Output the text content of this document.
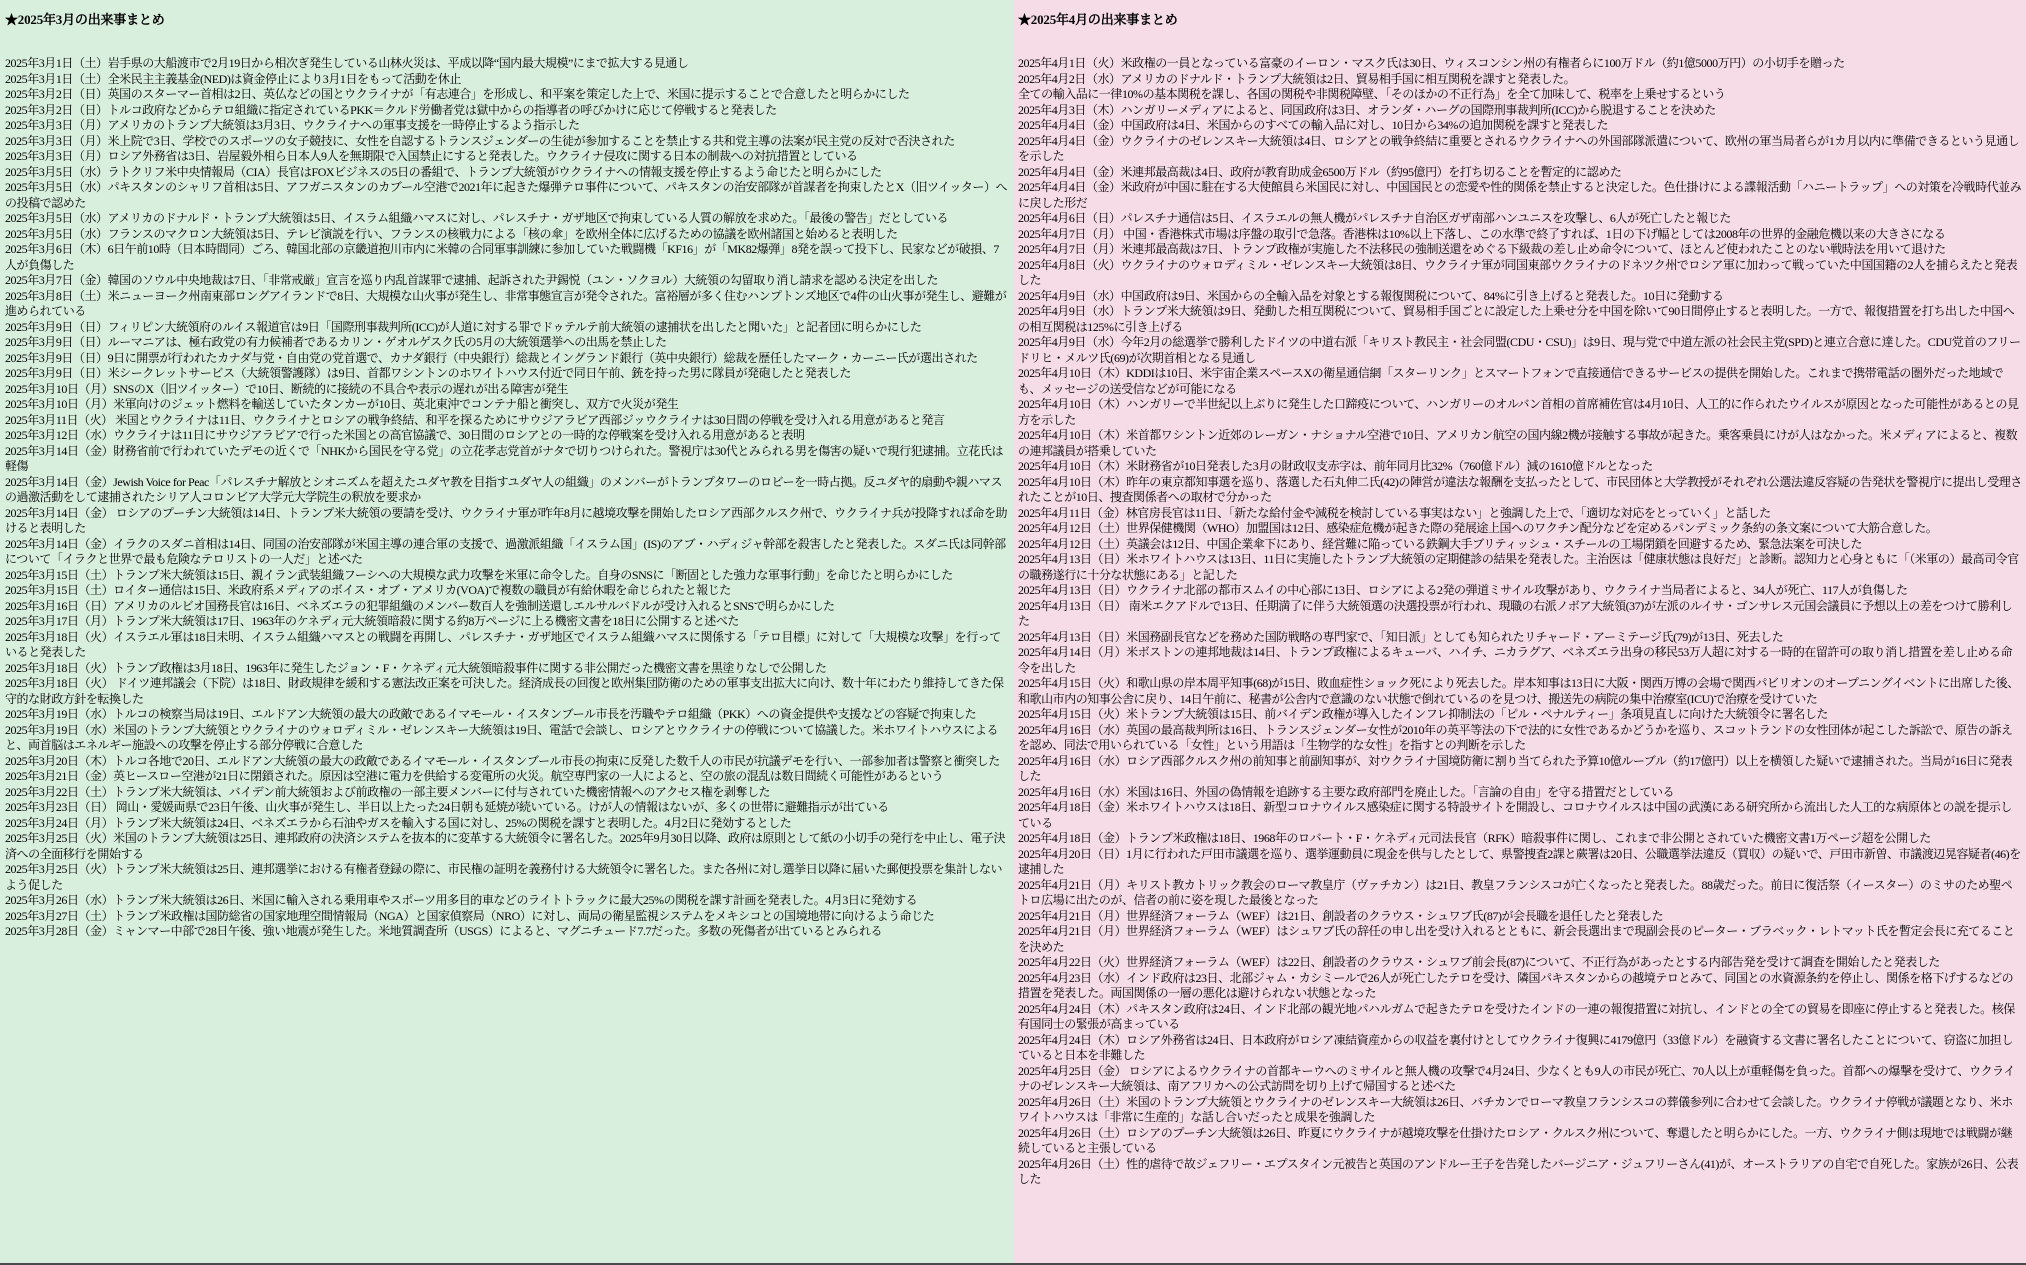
★2025年3月の出来事まとめ
2025年3月1日（土）岩手県の大船渡市で2月19日から相次ぎ発生している山林火災は、平成以降“国内最大規模”にまで拡大する見通し
2025年3月1日（土）全米民主主義基金(NED)は資金停止により3月1日をもって活動を休止
2025年3月2日（日）英国のスターマー首相は2日、英仏などの国とウクライナが「有志連合」を形成し、和平案を策定した上で、米国に提示することで合意したと明らかにした
2025年3月2日（日）トルコ政府などからテロ組織に指定されているPKK＝クルド労働者党は獄中からの指導者の呼びかけに応じて停戦すると発表した
2025年3月3日（月）アメリカのトランプ大統領は3月3日、ウクライナへの軍事支援を一時停止するよう指示した
2025年3月3日（月）米上院で3日、学校でのスポーツの女子競技に、女性を自認するトランスジェンダーの生徒が参加することを禁止する共和党主導の法案が民主党の反対で否決された
2025年3月3日（月）ロシア外務省は3日、岩屋毅外相ら日本人9人を無期限で入国禁止にすると発表した。ウクライナ侵攻に関する日本の制裁への対抗措置としている
2025年3月5日（水）ラトクリフ米中央情報局（CIA）長官はFOXビジネスの5日の番組で、トランプ大統領がウクライナへの情報支援を停止するよう命じたと明らかにした
2025年3月5日（水）パキスタンのシャリフ首相は5日、アフガニスタンのカブール空港で2021年に起きた爆弾テロ事件について、パキスタンの治安部隊が首謀者を拘束したとX（旧ツイッター）への投稿で認めた
2025年3月5日（水）アメリカのドナルド・トランプ大統領は5日、イスラム組織ハマスに対し、パレスチナ・ガザ地区で拘束している人質の解放を求めた。「最後の警告」だとしている
2025年3月5日（水）フランスのマクロン大統領は5日、テレビ演説を行い、フランスの核戦力による「核の傘」を欧州全体に広げるための協議を欧州諸国と始めると表明した
2025年3月6日（木）6日午前10時（日本時間同）ごろ、韓国北部の京畿道抱川市内に米韓の合同軍事訓練に参加していた戦闘機「KF16」が「MK82爆弾」8発を誤って投下し、民家などが破損、7人が負傷した
2025年3月7日（金）韓国のソウル中央地裁は7日、「非常戒厳」宣言を巡り内乱首謀罪で逮捕、起訴された尹錫悦（ユン・ソクヨル）大統領の勾留取り消し請求を認める決定を出した
2025年3月8日（土）米ニューヨーク州南東部ロングアイランドで8日、大規模な山火事が発生し、非常事態宣言が発令された。富裕層が多く住むハンプトンズ地区で4件の山火事が発生し、避難が進められている
2025年3月9日（日）フィリピン大統領府のルイス報道官は9日「国際刑事裁判所(ICC)が人道に対する罪でドゥテルテ前大統領の逮捕状を出したと聞いた」と記者団に明らかにした
2025年3月9日（日）ルーマニアは、極右政党の有力候補者であるカリン・ゲオルゲスク氏の5月の大統領選挙への出馬を禁止した
2025年3月9日（日）9日に開票が行われたカナダ与党・自由党の党首選で、カナダ銀行（中央銀行）総裁とイングランド銀行（英中央銀行）総裁を歴任したマーク・カーニー氏が選出された
2025年3月9日（日）米シークレットサービス（大統領警護隊）は9日、首都ワシントンのホワイトハウス付近で同日午前、銃を持った男に隊員が発砲したと発表した
2025年3月10日（月）SNSのX（旧ツイッター）で10日、断続的に接続の不具合や表示の遅れが出る障害が発生
2025年3月10日（月）米軍向けのジェット燃料を輸送していたタンカーが10日、英北東沖でコンテナ船と衝突し、双方で火災が発生
2025年3月11日（火） 米国とウクライナは11日、ウクライナとロシアの戦争終結、和平を探るためにサウジアラビア西部ジッウクライナは30日間の停戦を受け入れる用意があると発言
2025年3月12日（水）ウクライナは11日にサウジアラビアで行った米国との高官協議で、30日間のロシアとの一時的な停戦案を受け入れる用意があると表明
2025年3月14日（金）財務省前で行われていたデモの近くで「NHKから国民を守る党」の立花孝志党首がナタで切りつけられた。警視庁は30代とみられる男を傷害の疑いで現行犯逮捕。立花氏は軽傷
2025年3月14日（金）Jewish Voice for Peac「パレスチナ解放とシオニズムを超えたユダヤ教を目指すユダヤ人の組織」のメンバーがトランプタワーのロビーを一時占拠。反ユダヤ的扇動や親ハマスの過激活動をして逮捕されたシリア人コロンビア大学元大学院生の釈放を要求か
2025年3月14日（金） ロシアのプーチン大統領は14日、トランプ米大統領の要請を受け、ウクライナ軍が昨年8月に越境攻撃を開始したロシア西部クルスク州で、ウクライナ兵が投降すれば命を助けると表明した
2025年3月14日（金）イラクのスダニ首相は14日、同国の治安部隊が米国主導の連合軍の支援で、過激派組織「イスラム国」(IS)のアブ・ハディジャ幹部を殺害したと発表した。スダニ氏は同幹部について「イラクと世界で最も危険なテロリストの一人だ」と述べた
2025年3月15日（土）トランプ米大統領は15日、親イラン武装組織フーシへの大規模な武力攻撃を米軍に命令した。自身のSNSに「断固とした強力な軍事行動」を命じたと明らかにした
2025年3月15日（土）ロイター通信は15日、米政府系メディアのボイス・オブ・アメリカ(VOA)で複数の職員が有給休暇を命じられたと報じた
2025年3月16日（日）アメリカのルビオ国務長官は16日、ベネズエラの犯罪組織のメンバー数百人を強制送還しエルサルバドルが受け入れるとSNSで明らかにした
2025年3月17日（月）トランプ米大統領は17日、1963年のケネディ元大統領暗殺に関する約8万ページに上る機密文書を18日に公開すると述べた
2025年3月18日（火）イスラエル軍は18日未明、イスラム組織ハマスとの戦闘を再開し、パレスチナ・ガザ地区でイスラム組織ハマスに関係する「テロ目標」に対して「大規模な攻撃」を行っていると発表した
2025年3月18日（火）トランプ政権は3月18日、1963年に発生したジョン・F・ケネディ元大統領暗殺事件に関する非公開だった機密文書を黒塗りなしで公開した
2025年3月18日（火） ドイツ連邦議会（下院）は18日、財政規律を緩和する憲法改正案を可決した。経済成長の回復と欧州集団防衛のための軍事支出拡大に向け、数十年にわたり維持してきた保守的な財政方針を転換した
2025年3月19日（水）トルコの検察当局は19日、エルドアン大統領の最大の政敵であるイマモール・イスタンブール市長を汚職やテロ組織（PKK）への資金提供や支援などの容疑で拘束した
2025年3月19日（水）米国のトランプ大統領とウクライナのウォロディミル・ゼレンスキー大統領は19日、電話で会談し、ロシアとウクライナの停戦について協議した。米ホワイトハウスによると、両首脳はエネルギー施設への攻撃を停止する部分停戦に合意した
2025年3月20日（木）トルコ各地で20日、エルドアン大統領の最大の政敵であるイマモール・イスタンブール市長の拘束に反発した数千人の市民が抗議デモを行い、一部参加者は警察と衝突した
2025年3月21日（金）英ヒースロー空港が21日に閉鎖された。原因は空港に電力を供給する変電所の火災。航空専門家の一人によると、空の旅の混乱は数日間続く可能性があるという
2025年3月22日（土）トランプ米大統領は、バイデン前大統領および前政権の一部主要メンバーに付与されていた機密情報へのアクセス権を剥奪した
2025年3月23日（日） 岡山・愛媛両県で23日午後、山火事が発生し、半日以上たった24日朝も延焼が続いている。けが人の情報はないが、多くの世帯に避難指示が出ている
2025年3月24日（月）トランプ米大統領は24日、ベネズエラから石油やガスを輸入する国に対し、25%の関税を課すと表明した。4月2日に発効するとした
2025年3月25日（火）米国のトランプ大統領は25日、連邦政府の決済システムを抜本的に変革する大統領令に署名した。2025年9月30日以降、政府は原則として紙の小切手の発行を中止し、電子決済への全面移行を開始する
2025年3月25日（火）トランプ米大統領は25日、連邦選挙における有権者登録の際に、市民権の証明を義務付ける大統領令に署名した。また各州に対し選挙日以降に届いた郵便投票を集計しないよう促した
2025年3月26日（水）トランプ米大統領は26日、米国に輸入される乗用車やスポーツ用多目的車などのライトトラックに最大25%の関税を課す計画を発表した。4月3日に発効する
2025年3月27日（土）トランプ米政権は国防総省の国家地理空間情報局（NGA）と国家偵察局（NRO）に対し、両局の衛星監視システムをメキシコとの国境地帯に向けるよう命じた
2025年3月28日（金）ミャンマー中部で28日午後、強い地震が発生した。米地質調査所（USGS）によると、マグニチュード7.7だった。多数の死傷者が出ているとみられる
★2025年4月の出来事まとめ
2025年4月1日（火）米政権の一員となっている富豪のイーロン・マスク氏は30日、ウィスコンシン州の有権者らに100万ドル（約1億5000万円）の小切手を贈った
2025年4月2日（水）アメリカのドナルド・トランプ大統領は2日、貿易相手国に相互関税を課すと発表した。
全ての輸入品に一律10%の基本関税を課し、各国の関税や非関税障壁、「そのほかの不正行為」を全て加味して、税率を上乗せするという
2025年4月3日（木）ハンガリーメディアによると、同国政府は3日、オランダ・ハーグの国際刑事裁判所(ICC)から脱退することを決めた
2025年4月4日（金）中国政府は4日、米国からのすべての輸入品に対し、10日から34%の追加関税を課すと発表した
2025年4月4日（金）ウクライナのゼレンスキー大統領は4日、ロシアとの戦争終結に重要とされるウクライナへの外国部隊派遣について、欧州の軍当局者らが1カ月以内に準備できるという見通しを示した
2025年4月4日（金）米連邦最高裁は4日、政府が教育助成金6500万ドル（約95億円）を打ち切ることを暫定的に認めた
2025年4月4日（金）米政府が中国に駐在する大使館員ら米国民に対し、中国国民との恋愛や性的関係を禁止すると決定した。色仕掛けによる諜報活動「ハニートラップ」への対策を冷戦時代並みに戻した形だ
2025年4月6日（日）パレスチナ通信は5日、イスラエルの無人機がパレスチナ自治区ガザ南部ハンユニスを攻撃し、6人が死亡したと報じた
2025年4月7日（月） 中国・香港株式市場は序盤の取引で急落。香港株は10%以上下落し、この水準で終了すれば、1日の下げ幅としては2008年の世界的金融危機以来の大きさになる
2025年4月7日（月）米連邦最高裁は7日、トランプ政権が実施した不法移民の強制送還をめぐる下級裁の差し止め命令について、ほとんど使われたことのない戦時法を用いて退けた
2025年4月8日（火）ウクライナのウォロディミル・ゼレンスキー大統領は8日、ウクライナ軍が同国東部ウクライナのドネツク州でロシア軍に加わって戦っていた中国国籍の2人を捕らえたと発表した
2025年4月9日（水）中国政府は9日、米国からの全輸入品を対象とする報復関税について、84%に引き上げると発表した。10日に発動する
2025年4月9日（水）トランプ米大統領は9日、発動した相互関税について、貿易相手国ごとに設定した上乗せ分を中国を除いて90日間停止すると表明した。一方で、報復措置を打ち出した中国への相互関税は125%に引き上げる
2025年4月9日（水）今年2月の総選挙で勝利したドイツの中道右派「キリスト教民主・社会同盟(CDU・CSU)」は9日、現与党で中道左派の社会民主党(SPD)と連立合意に達した。CDU党首のフリードリヒ・メルツ氏(69)が次期首相となる見通し
2025年4月10日（木）KDDIは10日、米宇宙企業スペースXの衛星通信網「スターリンク」とスマートフォンで直接通信できるサービスの提供を開始した。これまで携帯電話の圏外だった地域でも、メッセージの送受信などが可能になる
2025年4月10日（木）ハンガリーで半世紀以上ぶりに発生した口蹄疫について、ハンガリーのオルバン首相の首席補佐官は4月10日、人工的に作られたウイルスが原因となった可能性があるとの見方を示した
2025年4月10日（木）米首都ワシントン近郊のレーガン・ナショナル空港で10日、アメリカン航空の国内線2機が接触する事故が起きた。乗客乗員にけが人はなかった。米メディアによると、複数の連邦議員が搭乗していた
2025年4月10日（木）米財務省が10日発表した3月の財政収支赤字は、前年同月比32%（760億ドル）減の1610億ドルとなった
2025年4月10日（木）昨年の東京都知事選を巡り、落選した石丸伸二氏(42)の陣営が違法な報酬を支払ったとして、市民団体と大学教授がそれぞれ公選法違反容疑の告発状を警視庁に提出し受理されたことが10日、捜査関係者への取材で分かった
2025年4月11日（金）林官房長官は11日、「新たな給付金や減税を検討している事実はない」と強調した上で、「適切な対応をとっていく」と話した
2025年4月12日（土）世界保健機関（WHO）加盟国は12日、感染症危機が起きた際の発展途上国へのワクチン配分などを定めるパンデミック条約の条文案について大筋合意した。
2025年4月12日（土）英議会は12日、中国企業傘下にあり、経営難に陥っている鉄鋼大手ブリティッシュ・スチールの工場閉鎖を回避するため、緊急法案を可決した
2025年4月13日（日）米ホワイトハウスは13日、11日に実施したトランプ大統領の定期健診の結果を発表した。主治医は「健康状態は良好だ」と診断。認知力と心身ともに「（米軍の）最高司令官の職務遂行に十分な状態にある」と記した
2025年4月13日（日）ウクライナ北部の都市スムイの中心部に13日、ロシアによる2発の弾道ミサイル攻撃があり、ウクライナ当局者によると、34人が死亡、117人が負傷した
2025年4月13日（日） 南米エクアドルで13日、任期満了に伴う大統領選の決選投票が行われ、現職の右派ノボア大統領(37)が左派のルイサ・ゴンサレス元国会議員に予想以上の差をつけて勝利した
2025年4月13日（日）米国務副長官などを務めた国防戦略の専門家で、「知日派」としても知られたリチャード・アーミテージ氏(79)が13日、死去した
2025年4月14日（月）米ボストンの連邦地裁は14日、トランプ政権によるキューバ、ハイチ、ニカラグア、ベネズエラ出身の移民53万人超に対する一時的在留許可の取り消し措置を差し止める命令を出した
2025年4月15日（火）和歌山県の岸本周平知事(68)が15日、敗血症性ショック死により死去した。岸本知事は13日に大阪・関西万博の会場で関西パビリオンのオープニングイベントに出席した後、和歌山市内の知事公舎に戻り、14日午前に、秘書が公舎内で意識のない状態で倒れているのを見つけ、搬送先の病院の集中治療室(ICU)で治療を受けていた
2025年4月15日（火）米トランプ大統領は15日、前バイデン政権が導入したインフレ抑制法の「ピル・ペナルティー」条項見直しに向けた大統領令に署名した
2025年4月16日（水）英国の最高裁判所は16日、トランスジェンダー女性が2010年の英平等法の下で法的に女性であるかどうかを巡り、スコットランドの女性団体が起こした訴訟で、原告の訴えを認め、同法で用いられている「女性」という用語は「生物学的な女性」を指すとの判断を示した
2025年4月16日（水）ロシア西部クルスク州の前知事と前副知事が、対ウクライナ国境防衛に割り当てられた予算10億ルーブル（約17億円）以上を横領した疑いで逮捕された。当局が16日に発表した
2025年4月16日（水）米国は16日、外国の偽情報を追跡する主要な政府部門を廃止した。「言論の自由」を守る措置だとしている
2025年4月18日（金）米ホワイトハウスは18日、新型コロナウイルス感染症に関する特設サイトを開設し、コロナウイルスは中国の武漢にある研究所から流出した人工的な病原体との説を提示している
2025年4月18日（金）トランプ米政権は18日、1968年のロバート・F・ケネディ元司法長官（RFK）暗殺事件に関し、これまで非公開とされていた機密文書1万ページ超を公開した
2025年4月20日（日）1月に行われた戸田市議選を巡り、選挙運動員に現金を供与したとして、県警捜査2課と蕨署は20日、公職選挙法違反（買収）の疑いで、戸田市新曽、市議渡辺晃容疑者(46)を逮捕した
2025年4月21日（月）キリスト教カトリック教会のローマ教皇庁（ヴァチカン）は21日、教皇フランシスコが亡くなったと発表した。88歳だった。前日に復活祭（イースター）のミサのため聖ペトロ広場に出たのが、信者の前に姿を現した最後となった
2025年4月21日（月）世界経済フォーラム（WEF）は21日、創設者のクラウス・シュワブ氏(87)が会長職を退任したと発表した
2025年4月21日（月）世界経済フォーラム（WEF）はシュワブ氏の辞任の申し出を受け入れるとともに、新会長選出まで現副会長のピーター・ブラベック・レトマット氏を暫定会長に充てることを決めた
2025年4月22日（火）世界経済フォーラム（WEF）は22日、創設者のクラウス・シュワブ前会長(87)について、不正行為があったとする内部告発を受けて調査を開始したと発表した
2025年4月23日（水）インド政府は23日、北部ジャム・カシミールで26人が死亡したテロを受け、隣国パキスタンからの越境テロとみて、同国との水資源条約を停止し、関係を格下げするなどの措置を発表した。両国関係の一層の悪化は避けられない状態となった
2025年4月24日（木）パキスタン政府は24日、インド北部の観光地パハルガムで起きたテロを受けたインドの一連の報復措置に対抗し、インドとの全ての貿易を即座に停止すると発表した。核保有国同士の緊張が高まっている
2025年4月24日（木）ロシア外務省は24日、日本政府がロシア凍結資産からの収益を裏付けとしてウクライナ復興に4179億円（33億ドル）を融資する文書に署名したことについて、窃盗に加担していると日本を非難した
2025年4月25日（金） ロシアによるウクライナの首都キーウへのミサイルと無人機の攻撃で4月24日、少なくとも9人の市民が死亡、70人以上が重軽傷を負った。首都への爆撃を受けて、ウクライナのゼレンスキー大統領は、南アフリカへの公式訪問を切り上げて帰国すると述べた
2025年4月26日（土）米国のトランプ大統領とウクライナのゼレンスキー大統領は26日、バチカンでローマ教皇フランシスコの葬儀参列に合わせて会談した。ウクライナ停戦が議題となり、米ホワイトハウスは「非常に生産的」な話し合いだったと成果を強調した
2025年4月26日（土）ロシアのプーチン大統領は26日、昨夏にウクライナが越境攻撃を仕掛けたロシア・クルスク州について、奪還したと明らかにした。一方、ウクライナ側は現地では戦闘が継続していると主張している
2025年4月26日（土）性的虐待で故ジェフリー・エプスタイン元被告と英国のアンドルー王子を告発したバージニア・ジュフリーさん(41)が、オーストラリアの自宅で自死した。家族が26日、公表した
